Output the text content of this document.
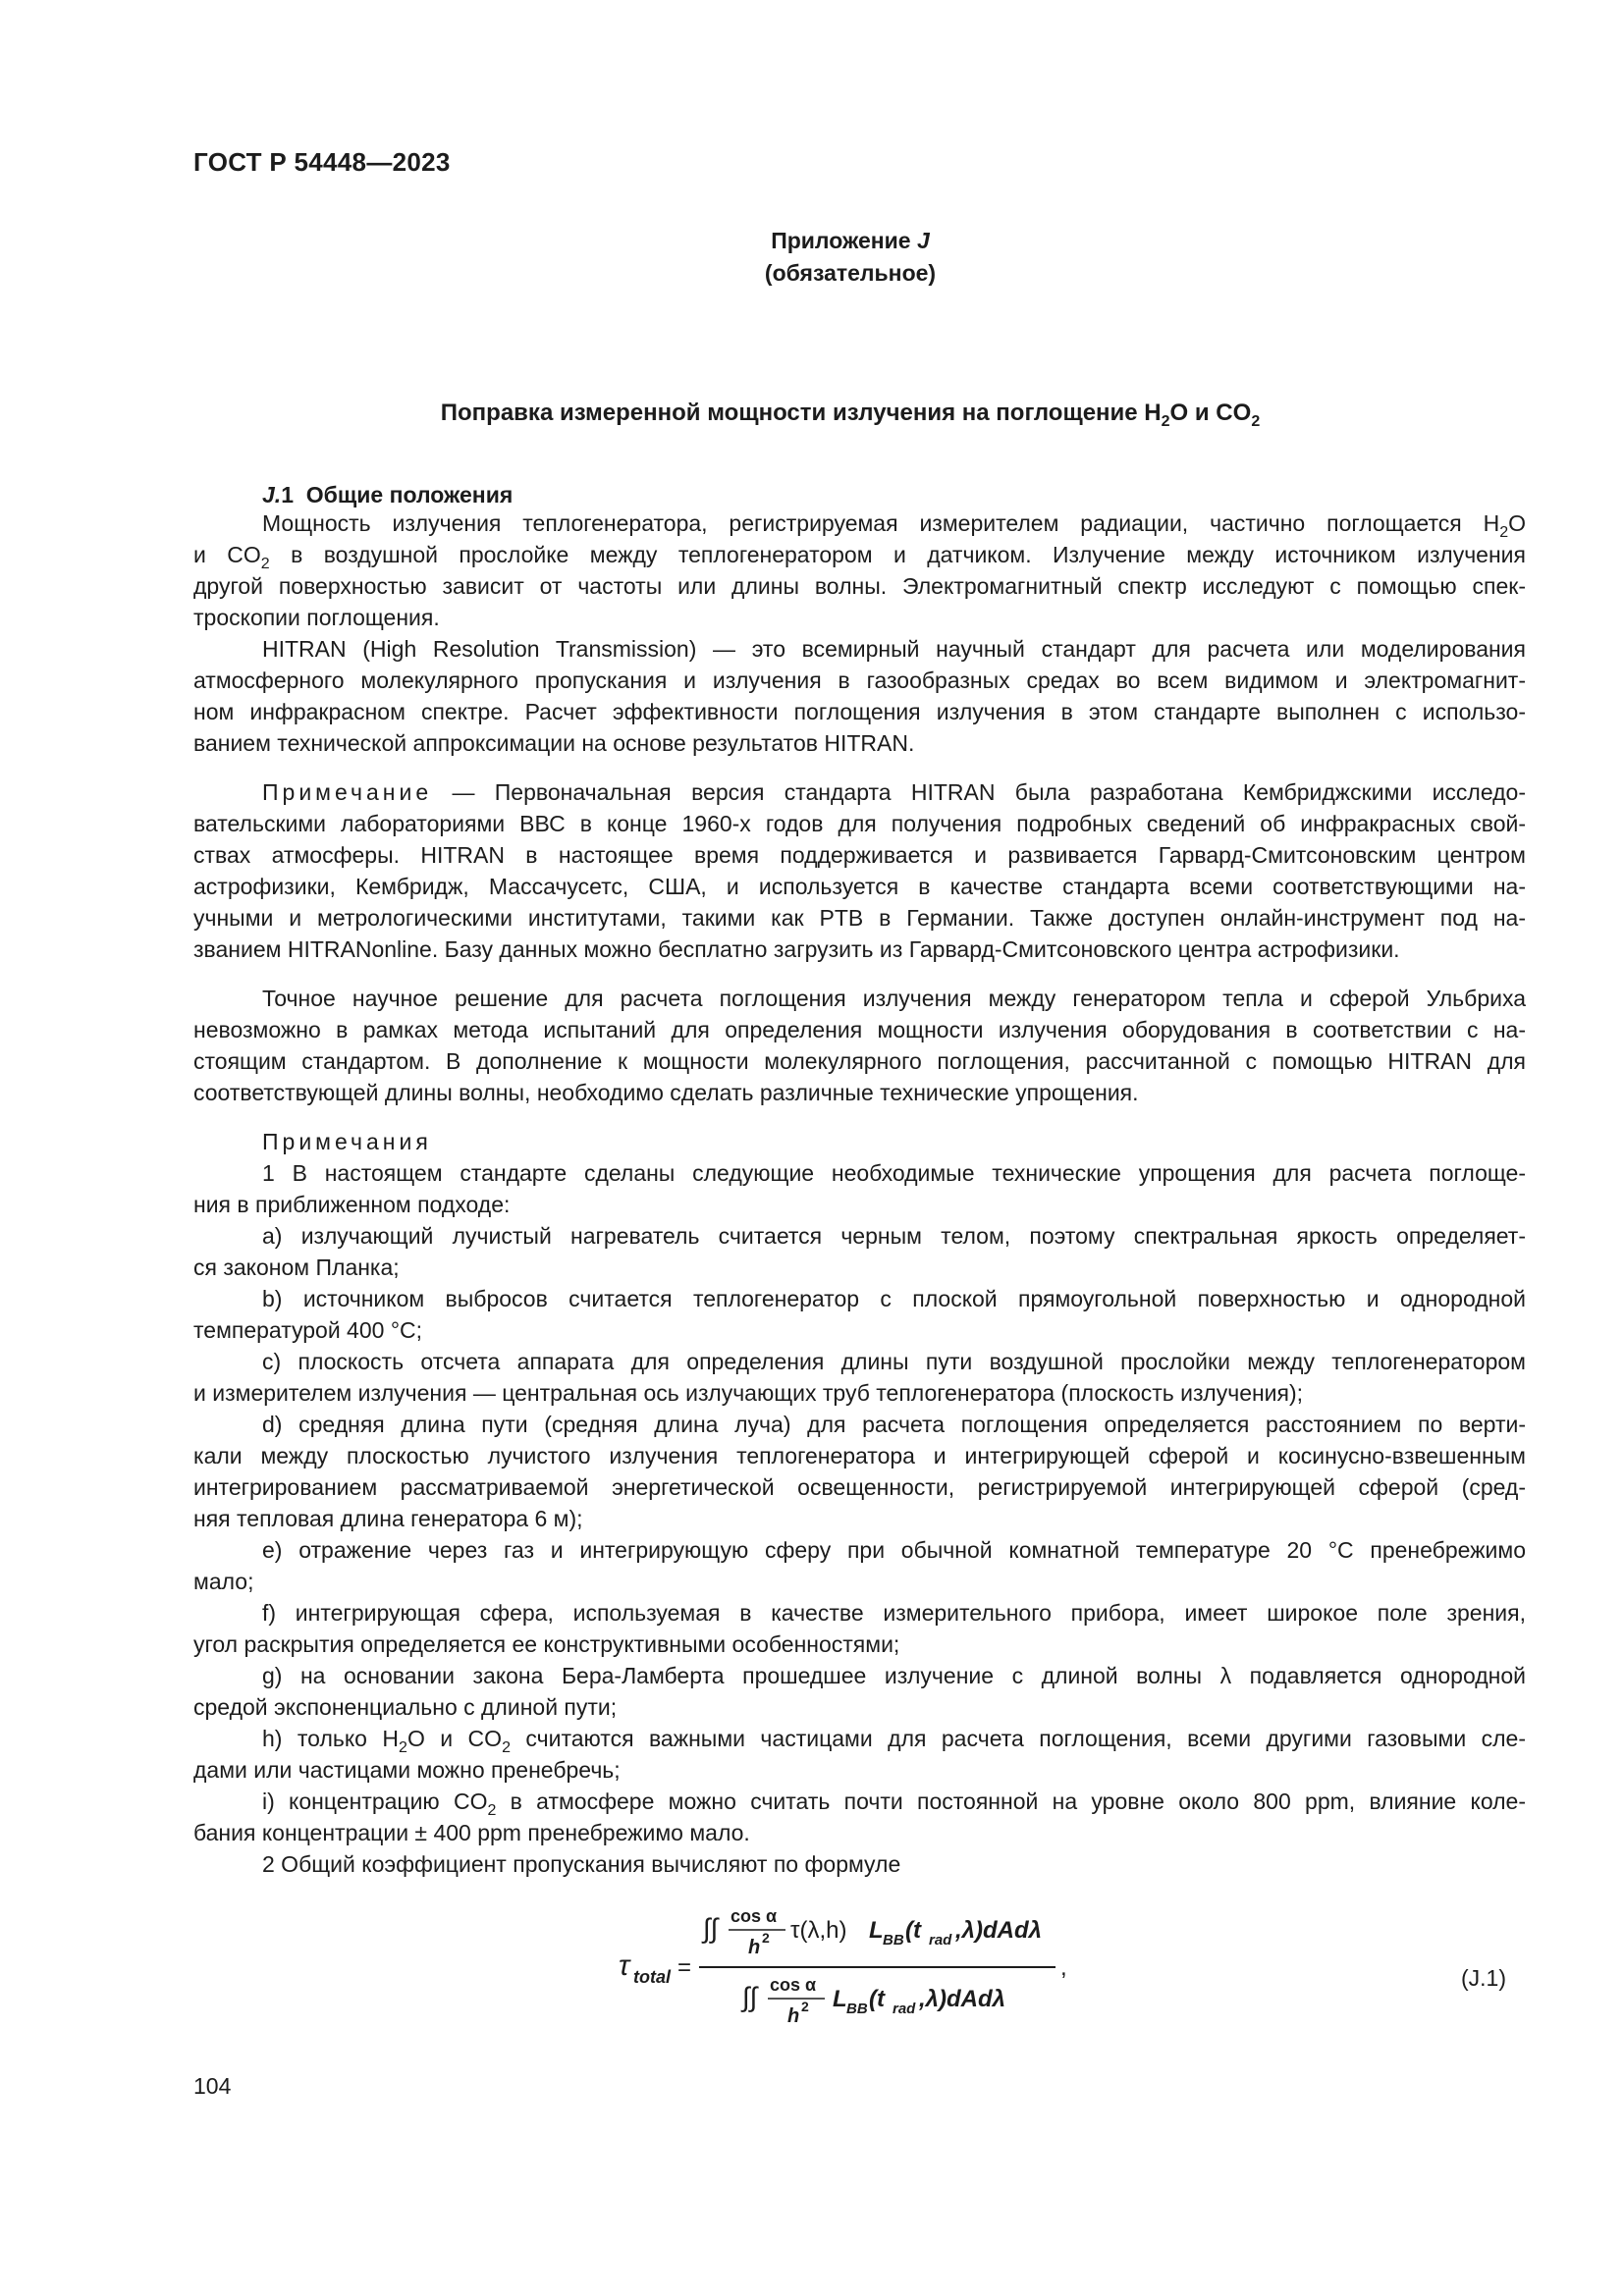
ГОСТ Р 54448—2023
Приложение J
(обязательное)
Поправка измеренной мощности излучения на поглощение $H_2O$ и $CO_2$
J.1 Общие положения
Мощность излучения теплогенератора, регистрируемая измерителем радиации, частично поглощается $H_2O$
и $CO_2$ в воздушной прослойке между теплогенератором и датчиком. Излучение между источником излучения
другой поверхностью зависит от частоты или длины волны. Электромагнитный спектр исследуют с помощью спек-
троскопии поглощения.
HITRAN (High Resolution Transmission) — это всемирный научный стандарт для расчета или моделирования
атмосферного молекулярного пропускания и излучения в газообразных средах во всем видимом и электромагнит-
ном инфракрасном спектре. Расчет эффективности поглощения излучения в этом стандарте выполнен с использо-
ванием технической аппроксимации на основе результатов HITRAN.
Примечание — Первоначальная версия стандарта HITRAN была разработана Кембриджскими исследо-
вательскими лабораториями ВВС в конце 1960-х годов для получения подробных сведений об инфракрасных свой-
ствах атмосферы. HITRAN в настоящее время поддерживается и развивается Гарвард-Смитсоновским центром
астрофизики, Кембридж, Массачусетс, США, и используется в качестве стандарта всеми соответствующими на-
учными и метрологическими институтами, такими как PTB в Германии. Также доступен онлайн-инструмент под на-
званием HITRANonline. Базу данных можно бесплатно загрузить из Гарвард-Смитсоновского центра астрофизики.
Точное научное решение для расчета поглощения излучения между генератором тепла и сферой Ульбриха
невозможно в рамках метода испытаний для определения мощности излучения оборудования в соответствии с на-
стоящим стандартом. В дополнение к мощности молекулярного поглощения, рассчитанной с помощью HITRAN для
соответствующей длины волны, необходимо сделать различные технические упрощения.
Примечания
1 В настоящем стандарте сделаны следующие необходимые технические упрощения для расчета поглоще-
ния в приближенном подходе:
a) излучающий лучистый нагреватель считается черным телом, поэтому спектральная яркость определяет-
ся законом Планка;
b) источником выбросов считается теплогенератор с плоской прямоугольной поверхностью и однородной
температурой 400 °C;
c) плоскость отсчета аппарата для определения длины пути воздушной прослойки между теплогенератором
и измерителем излучения — центральная ось излучающих труб теплогенератора (плоскость излучения);
d) средняя длина пути (средняя длина луча) для расчета поглощения определяется расстоянием по верти-
кали между плоскостью лучистого излучения теплогенератора и интегрирующей сферой и косинусно-взвешенным
интегрированием рассматриваемой энергетической освещенности, регистрируемой интегрирующей сферой (сред-
няя тепловая длина генератора 6 м);
e) отражение через газ и интегрирующую сферу при обычной комнатной температуре 20 °C пренебрежимо
мало;
f) интегрирующая сфера, используемая в качестве измерительного прибора, имеет широкое поле зрения,
угол раскрытия определяется ее конструктивными особенностями;
g) на основании закона Бера-Ламберта прошедшее излучение с длиной волны λ подавляется однородной
средой экспоненциально с длиной пути;
h) только $H_2O$ и $CO_2$ считаются важными частицами для расчета поглощения, всеми другими газовыми сле-
дами или частицами можно пренебречь;
i) концентрацию $CO_2$ в атмосфере можно считать почти постоянной на уровне около 800 ppm, влияние коле-
бания концентрации ± 400 ppm пренебрежимо мало.
2 Общий коэффициент пропускания вычисляют по формуле
τ total =
∫∫ cos α
h 2 τ(λ,h) L BB (t rad ,λ)dAdλ
∫∫ cos α
h 2 L BB (t rad ,λ)dAdλ
,	(J.1)
104
